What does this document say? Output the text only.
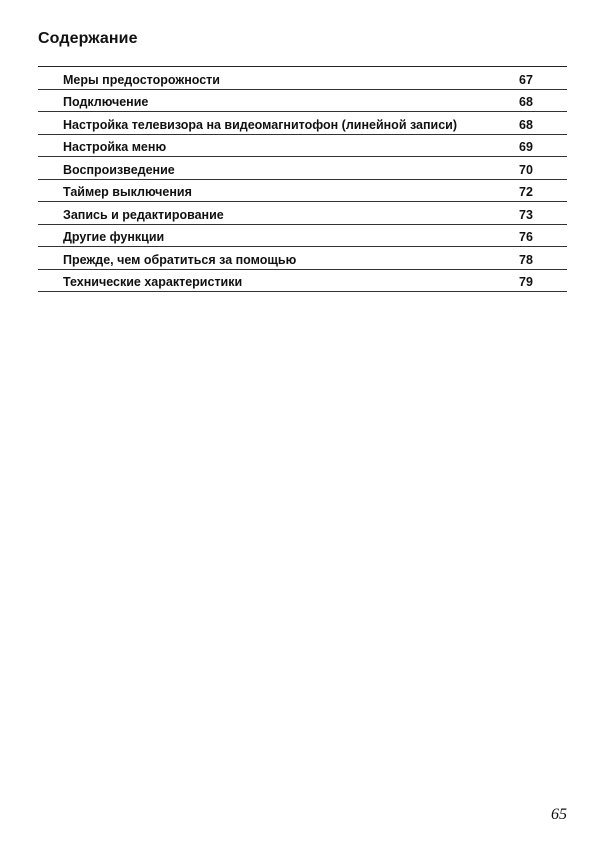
Содержание
Меры предосторожности	67
Подключение	68
Настройка телевизора на видеомагнитофон (линейной записи)	68
Настройка меню	69
Воспроизведение	70
Таймер выключения	72
Запись и редактирование	73
Другие функции	76
Прежде, чем обратиться за помощью	78
Технические характеристики	79
65
